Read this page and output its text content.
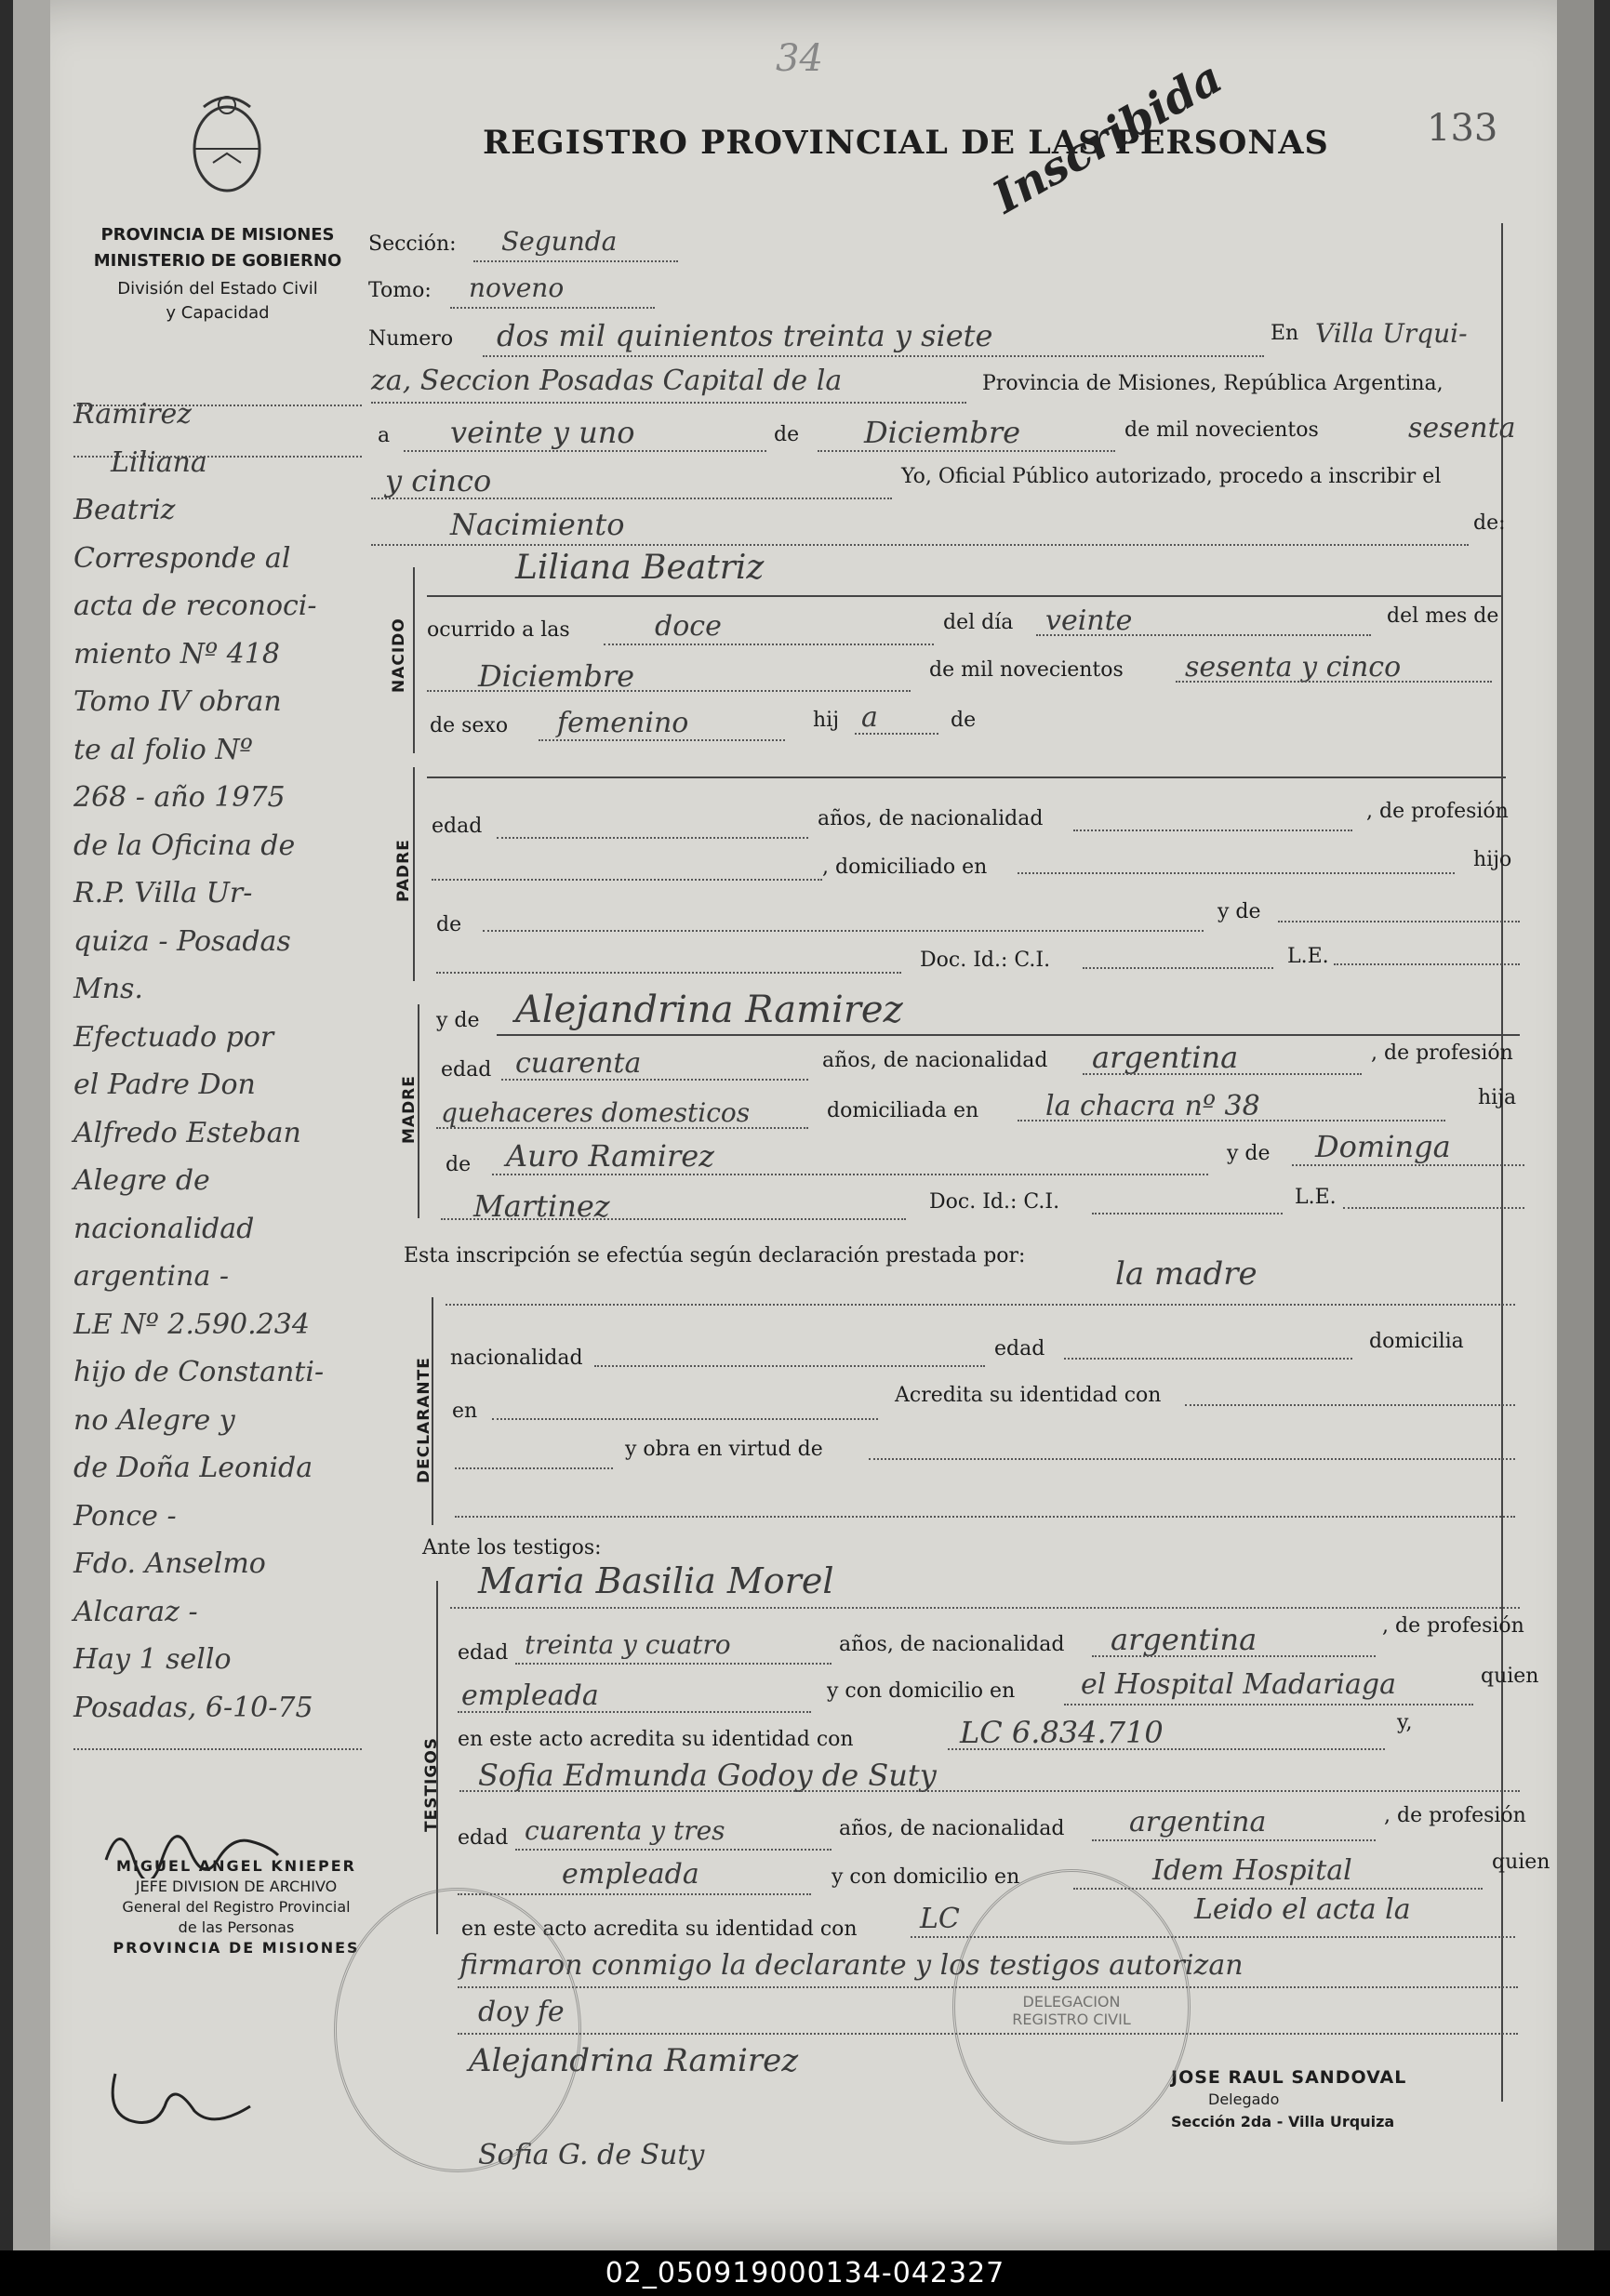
34
REGISTRO PROVINCIAL DE LAS PERSONAS
Inscribida	133
PROVINCIA DE MISIONES
MINISTERIO DE GOBIERNO
División del Estado Civil
y Capacidad
Ramirez
Liliana
Beatriz
Corresponde al
acta de reconoci-
miento Nº 418
Tomo IV obran
te al folio Nº
268 - año 1975
de la Oficina de
R.P. Villa Ur-
quiza - Posadas
Mns.
Efectuado por
el Padre Don
Alfredo Esteban
Alegre de
nacionalidad
argentina -
LE Nº 2.590.234
hijo de Constanti-
no Alegre y
de Doña Leonida
Ponce -
Fdo. Anselmo
Alcaraz -
Hay 1 sello
Posadas, 6-10-75
Sección: Segunda
Tomo: noveno
Numero dos mil quinientos treinta y siete	En Villa Urqui-
za, Seccion Posadas Capital de la	Provincia de Misiones, República Argentina,
a veinte y uno	de Diciembre	de mil novecientos	sesenta
y cinco	Yo, Oficial Público autorizado, procedo a inscribir el
Nacimiento	de:
Liliana Beatriz
NACIDO ocurrido a las	doce	del día veinte	del mes de
Diciembre	de mil novecientos sesenta y cinco
de sexo femenino	hij a	de
PADRE
edad	años, de nacionalidad	, de profesión
, domiciliado en	hijo
de
y de
Doc. Id.: C.I.	L.E.
MADRE
y de Alejandrina Ramirez
edad cuarenta	años, de nacionalidad argentina	, de profesión
quehaceres domesticos	domiciliada en la chacra nº 38	hija
de Auro Ramirez	y de Dominga
Martinez	Doc. Id.: C.I.	L.E.
Esta inscripción se efectúa según declaración prestada por:	la madre
DECLARANTE nacionalidad	edad	domicilia
en
Acredita su identidad con
y obra en virtud de
Ante los testigos:
Maria Basilia Morel
TESTIGOS
edad treinta y cuatro	años, de nacionalidad argentina	, de profesión
empleada	y con domicilio en el Hospital Madariaga	quien
en este acto acredita su identidad con	LC 6.834.710	y,
Sofia Edmunda Godoy de Suty
edad cuarenta y tres	años, de nacionalidad argentina	, de profesión
empleada	y con domicilio en	Idem Hospital	quien
en este acto acredita su identidad con LC	Leido el acta la
firmaron conmigo la declarante y los testigos autorizan
doy fe
Alejandrina Ramirez
Sofia G. de Suty
MIGUEL ANGEL KNIEPER
JEFE DIVISION DE ARCHIVO
General del Registro Provincial
de las Personas
PROVINCIA DE MISIONES
JOSE RAUL SANDOVAL
Delegado
Sección 2da - Villa Urquiza
DELEGACION REGISTRO CIVIL
02_050919000134-042327
